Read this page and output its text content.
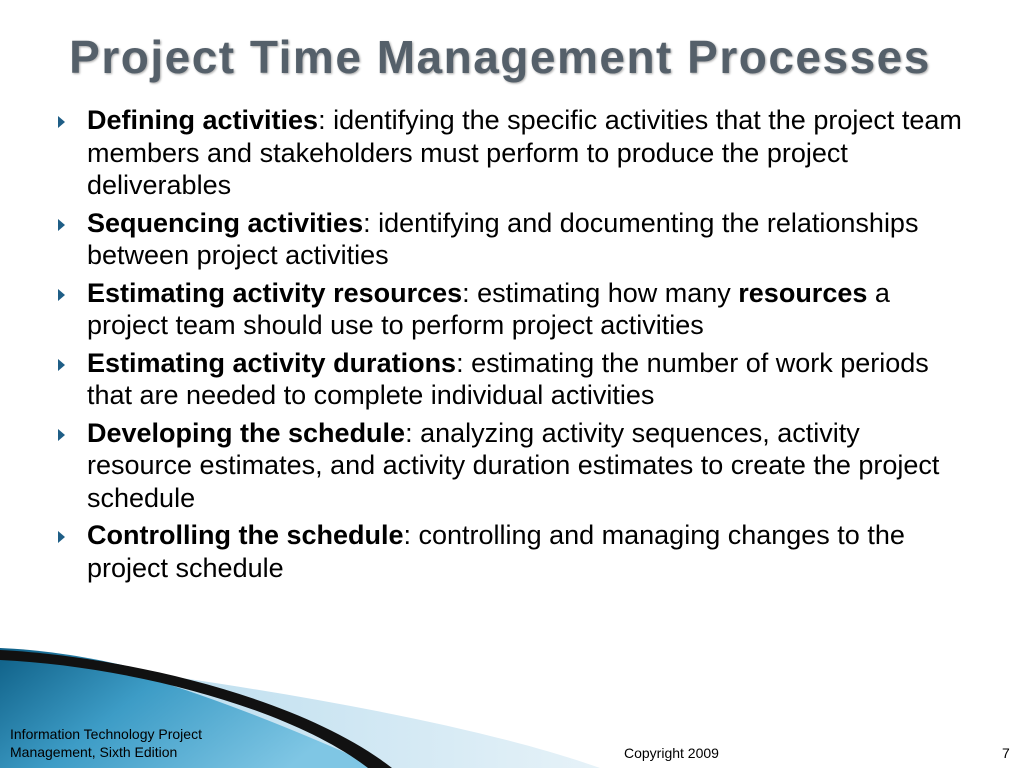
Project Time Management Processes
Defining activities: identifying the specific activities that the project team members and stakeholders must perform to produce the project deliverables
Sequencing activities: identifying and documenting the relationships between project activities
Estimating activity resources: estimating how many resources a project team should use to perform project activities
Estimating activity durations: estimating the number of work periods that are needed to complete individual activities
Developing the schedule: analyzing activity sequences, activity resource estimates, and activity duration estimates to create the project schedule
Controlling the schedule: controlling and managing changes to the project schedule
Information Technology Project Management, Sixth Edition	Copyright 2009	7
